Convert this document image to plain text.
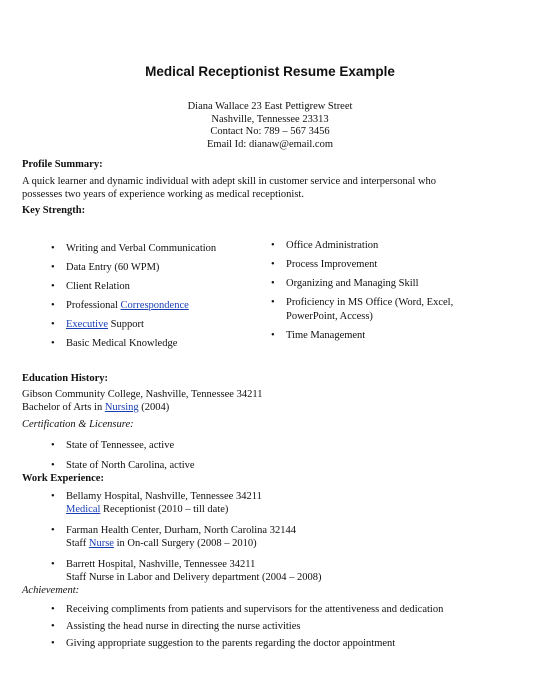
Medical Receptionist Resume Example
Diana Wallace 23 East Pettigrew Street
Nashville, Tennessee 23313
Contact No: 789 – 567 3456
Email Id: dianaw@email.com
Profile Summary:
A quick learner and dynamic individual with adept skill in customer service and interpersonal who
possesses two years of experience working as medical receptionist.
Key Strength:
• Writing and Verbal Communication
• Data Entry (60 WPM)
• Client Relation
• Professional Correspondence
• Executive Support
• Basic Medical Knowledge
• Office Administration
• Process Improvement
• Organizing and Managing Skill
• Proficiency in MS Office (Word, Excel,
PowerPoint, Access)
• Time Management
Education History:
Gibson Community College, Nashville, Tennessee 34211
Bachelor of Arts in Nursing (2004)
Certification & Licensure:
• State of Tennessee, active
• State of North Carolina, active
Work Experience:
• Bellamy Hospital, Nashville, Tennessee 34211
Medical Receptionist (2010 – till date)
• Farman Health Center, Durham, North Carolina 32144
Staff Nurse in On-call Surgery (2008 – 2010)
• Barrett Hospital, Nashville, Tennessee 34211
Staff Nurse in Labor and Delivery department (2004 – 2008)
Achievement:
• Receiving compliments from patients and supervisors for the attentiveness and dedication
• Assisting the head nurse in directing the nurse activities
• Giving appropriate suggestion to the parents regarding the doctor appointment
